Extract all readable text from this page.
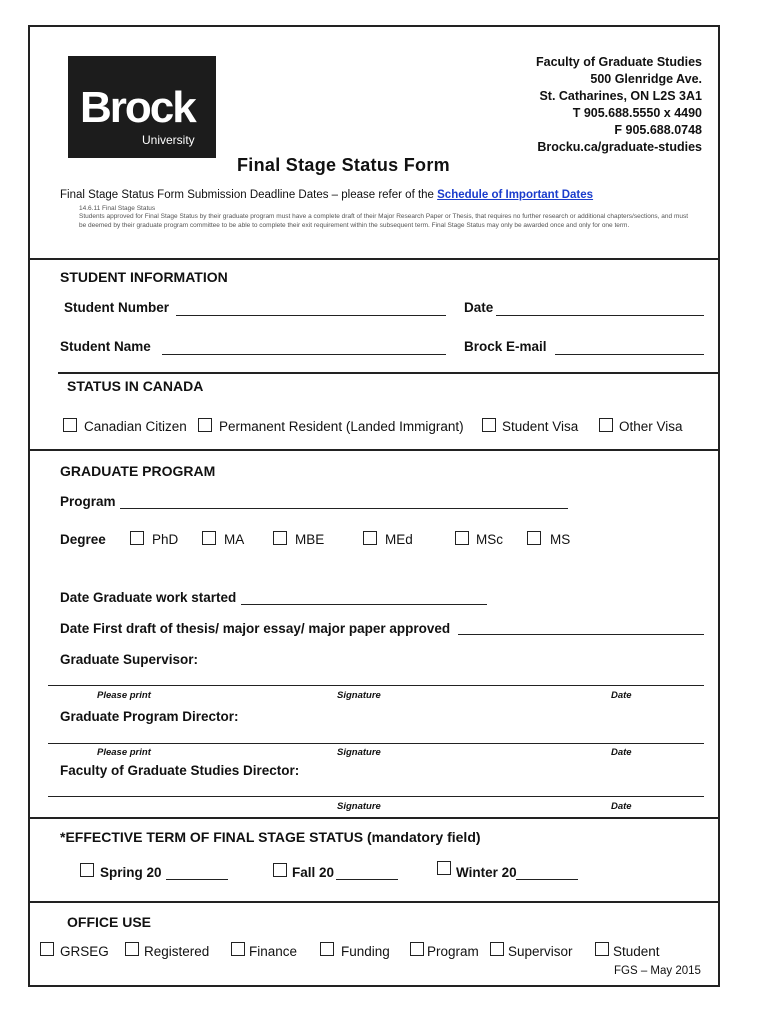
Brock
University
Faculty of Graduate Studies
500 Glenridge Ave.
St. Catharines, ON L2S 3A1
T 905.688.5550 x 4490
F 905.688.0748
Brocku.ca/graduate-studies
Final Stage Status Form
Final Stage Status Form Submission Deadline Dates – please refer of the Schedule of Important Dates
14.6.11 Final Stage Status
Students approved for Final Stage Status by their graduate program must have a complete draft of their Major Research Paper or Thesis, that requires no further research or additional chapters/sections, and must be deemed by their graduate program committee to be able to complete their exit requirement within the subsequent term. Final Stage Status may only be awarded once and only for one term.
STUDENT INFORMATION
Student Number	Date
Student Name	Brock E-mail
STATUS IN CANADA
Canadian Citizen Permanent Resident (Landed Immigrant)	Student Visa	Other Visa
GRADUATE PROGRAM
Program
Degree	PhD	MA	MBE	MEd	MSc	MS
Date Graduate work started
Date First draft of thesis/ major essay/ major paper approved
Graduate Supervisor:
Please print	Signature	Date
Graduate Program Director:
Please print	Signature	Date
Faculty of Graduate Studies Director:
Signature	Date
*EFFECTIVE TERM OF FINAL STAGE STATUS (mandatory field)
Spring 20	Fall 20	Winter 20
OFFICE USE
GRSEG	Registered	Finance	Funding	Program Supervisor	Student
FGS – May 2015
